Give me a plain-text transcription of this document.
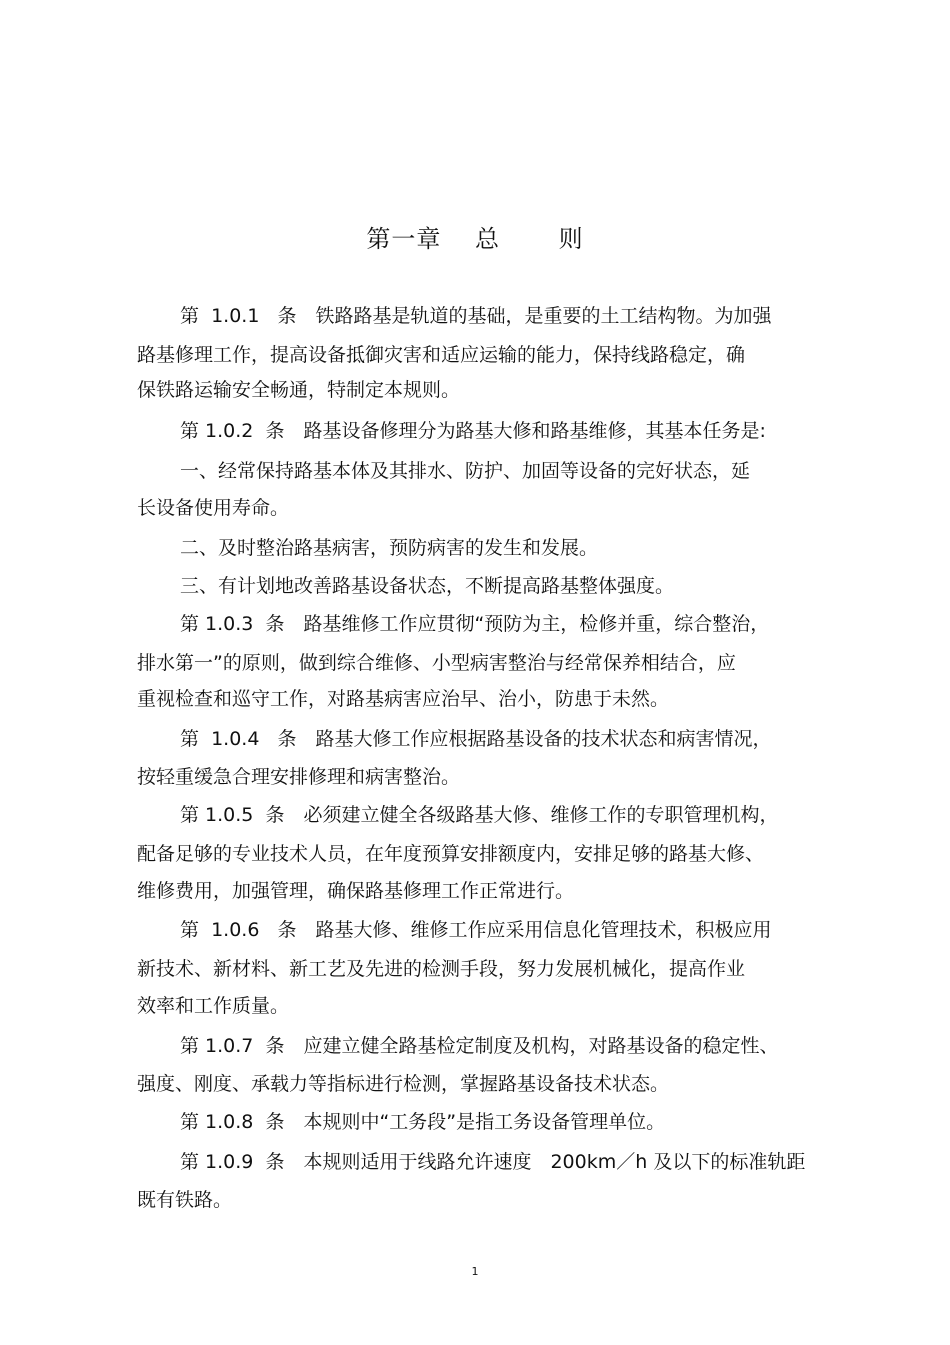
第一章　 总　　 则
第  1.0.1   条　铁路路基是轨道的基础，是重要的土工结构物。为加强
路基修理工作，提高设备抵御灾害和适应运输的能力，保持线路稳定，确
保铁路运输安全畅通，特制定本规则。
第 1.0.2  条　路基设备修理分为路基大修和路基维修，其基本任务是:
一、经常保持路基本体及其排水、防护、加固等设备的完好状态，延
长设备使用寿命。
二、及时整治路基病害，预防病害的发生和发展。
三、有计划地改善路基设备状态，不断提高路基整体强度。
第 1.0.3  条　路基维修工作应贯彻“预防为主，检修并重，综合整治，
排水第一”的原则，做到综合维修、小型病害整治与经常保养相结合，应
重视检查和巡守工作，对路基病害应治早、治小，防患于未然。
第  1.0.4   条　路基大修工作应根据路基设备的技术状态和病害情况，
按轻重缓急合理安排修理和病害整治。
第 1.0.5  条　必须建立健全各级路基大修、维修工作的专职管理机构，
配备足够的专业技术人员，在年度预算安排额度内，安排足够的路基大修、
维修费用，加强管理，确保路基修理工作正常进行。
第  1.0.6   条　路基大修、维修工作应采用信息化管理技术，积极应用
新技术、新材料、新工艺及先进的检测手段，努力发展机械化，提高作业
效率和工作质量。
第 1.0.7  条　应建立健全路基检定制度及机构，对路基设备的稳定性、
强度、刚度、承载力等指标进行检测，掌握路基设备技术状态。
第 1.0.8  条　本规则中“工务段”是指工务设备管理单位。
第 1.0.9  条　本规则适用于线路允许速度　200km／h 及以下的标准轨距
既有铁路。
1
